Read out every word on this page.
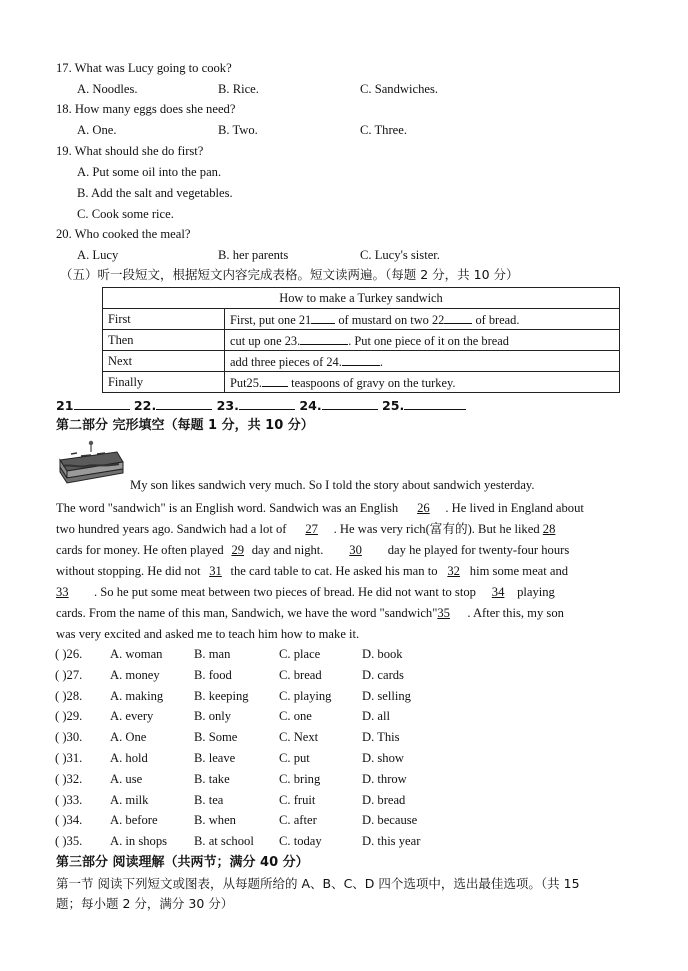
17. What was Lucy going to cook?
A. Noodles.	B. Rice.	C. Sandwiches.
18. How many eggs does she need?
A. One.	B. Two.	C. Three.
19. What should she do first?
A. Put some oil into the pan.
B. Add the salt and vegetables.
C. Cook some rice.
20. Who cooked the meal?
A. Lucy	B. her parents	C. Lucy's sister.
（五）听一段短文，根据短文内容完成表格。短文读两遍。（每题 2 分，共 10 分）
How to make a Turkey sandwich	
First	First, put one 21 of mustard on two 22 of bread.
Then	cut up one 23. . Put one piece of it on the bread
Next	add three pieces of 24. .
Finally	Put25. teaspoons of gravy on the turkey.
21	22.	23.	24.	25.
第二部分 完形填空（每题 1 分，共 10 分）
My son likes sandwich very much. So I told the story about sandwich yesterday.
The word "sandwich" is an English word. Sandwich was an English 26 . He lived in England about
two hundred years ago. Sandwich had a lot of 27 . He was very rich(富有的). But he liked 28
cards for money. He often played 29 day and night. 30 day he played for twenty-four hours
without stopping. He did not 31 the card table to cat. He asked his man to 32 him some meat and
33 . So he put some meat between two pieces of bread. He did not want to stop 34 playing
cards. From the name of this man, Sandwich, we have the word "sandwich"35 . After this, my son
was very excited and asked me to teach him how to make it.
( )26. A. woman	B. man	C. place	D. book
( )27. A. money	B. food	C. bread	D. cards
( )28. A. making B. keeping C. playing D. selling
( )29. A. every	B. only	C. one	D. all
( )30. A. One	B. Some	C. Next	D. This
( )31. A. hold	B. leave	C. put	D. show
( )32. A. use	B. take	C. bring	D. throw
( )33. A. milk	B. tea	C. fruit	D. bread
( )34. A. before	B. when	C. after	D. because
( )35. A. in shops B. at school C. today	D. this year
第三部分 阅读理解（共两节；满分 40 分）
第一节 阅读下列短文或图表，从每题所给的 A、B、C、D 四个选项中，选出最佳选项。（共 15
题；每小题 2 分，满分 30 分）
